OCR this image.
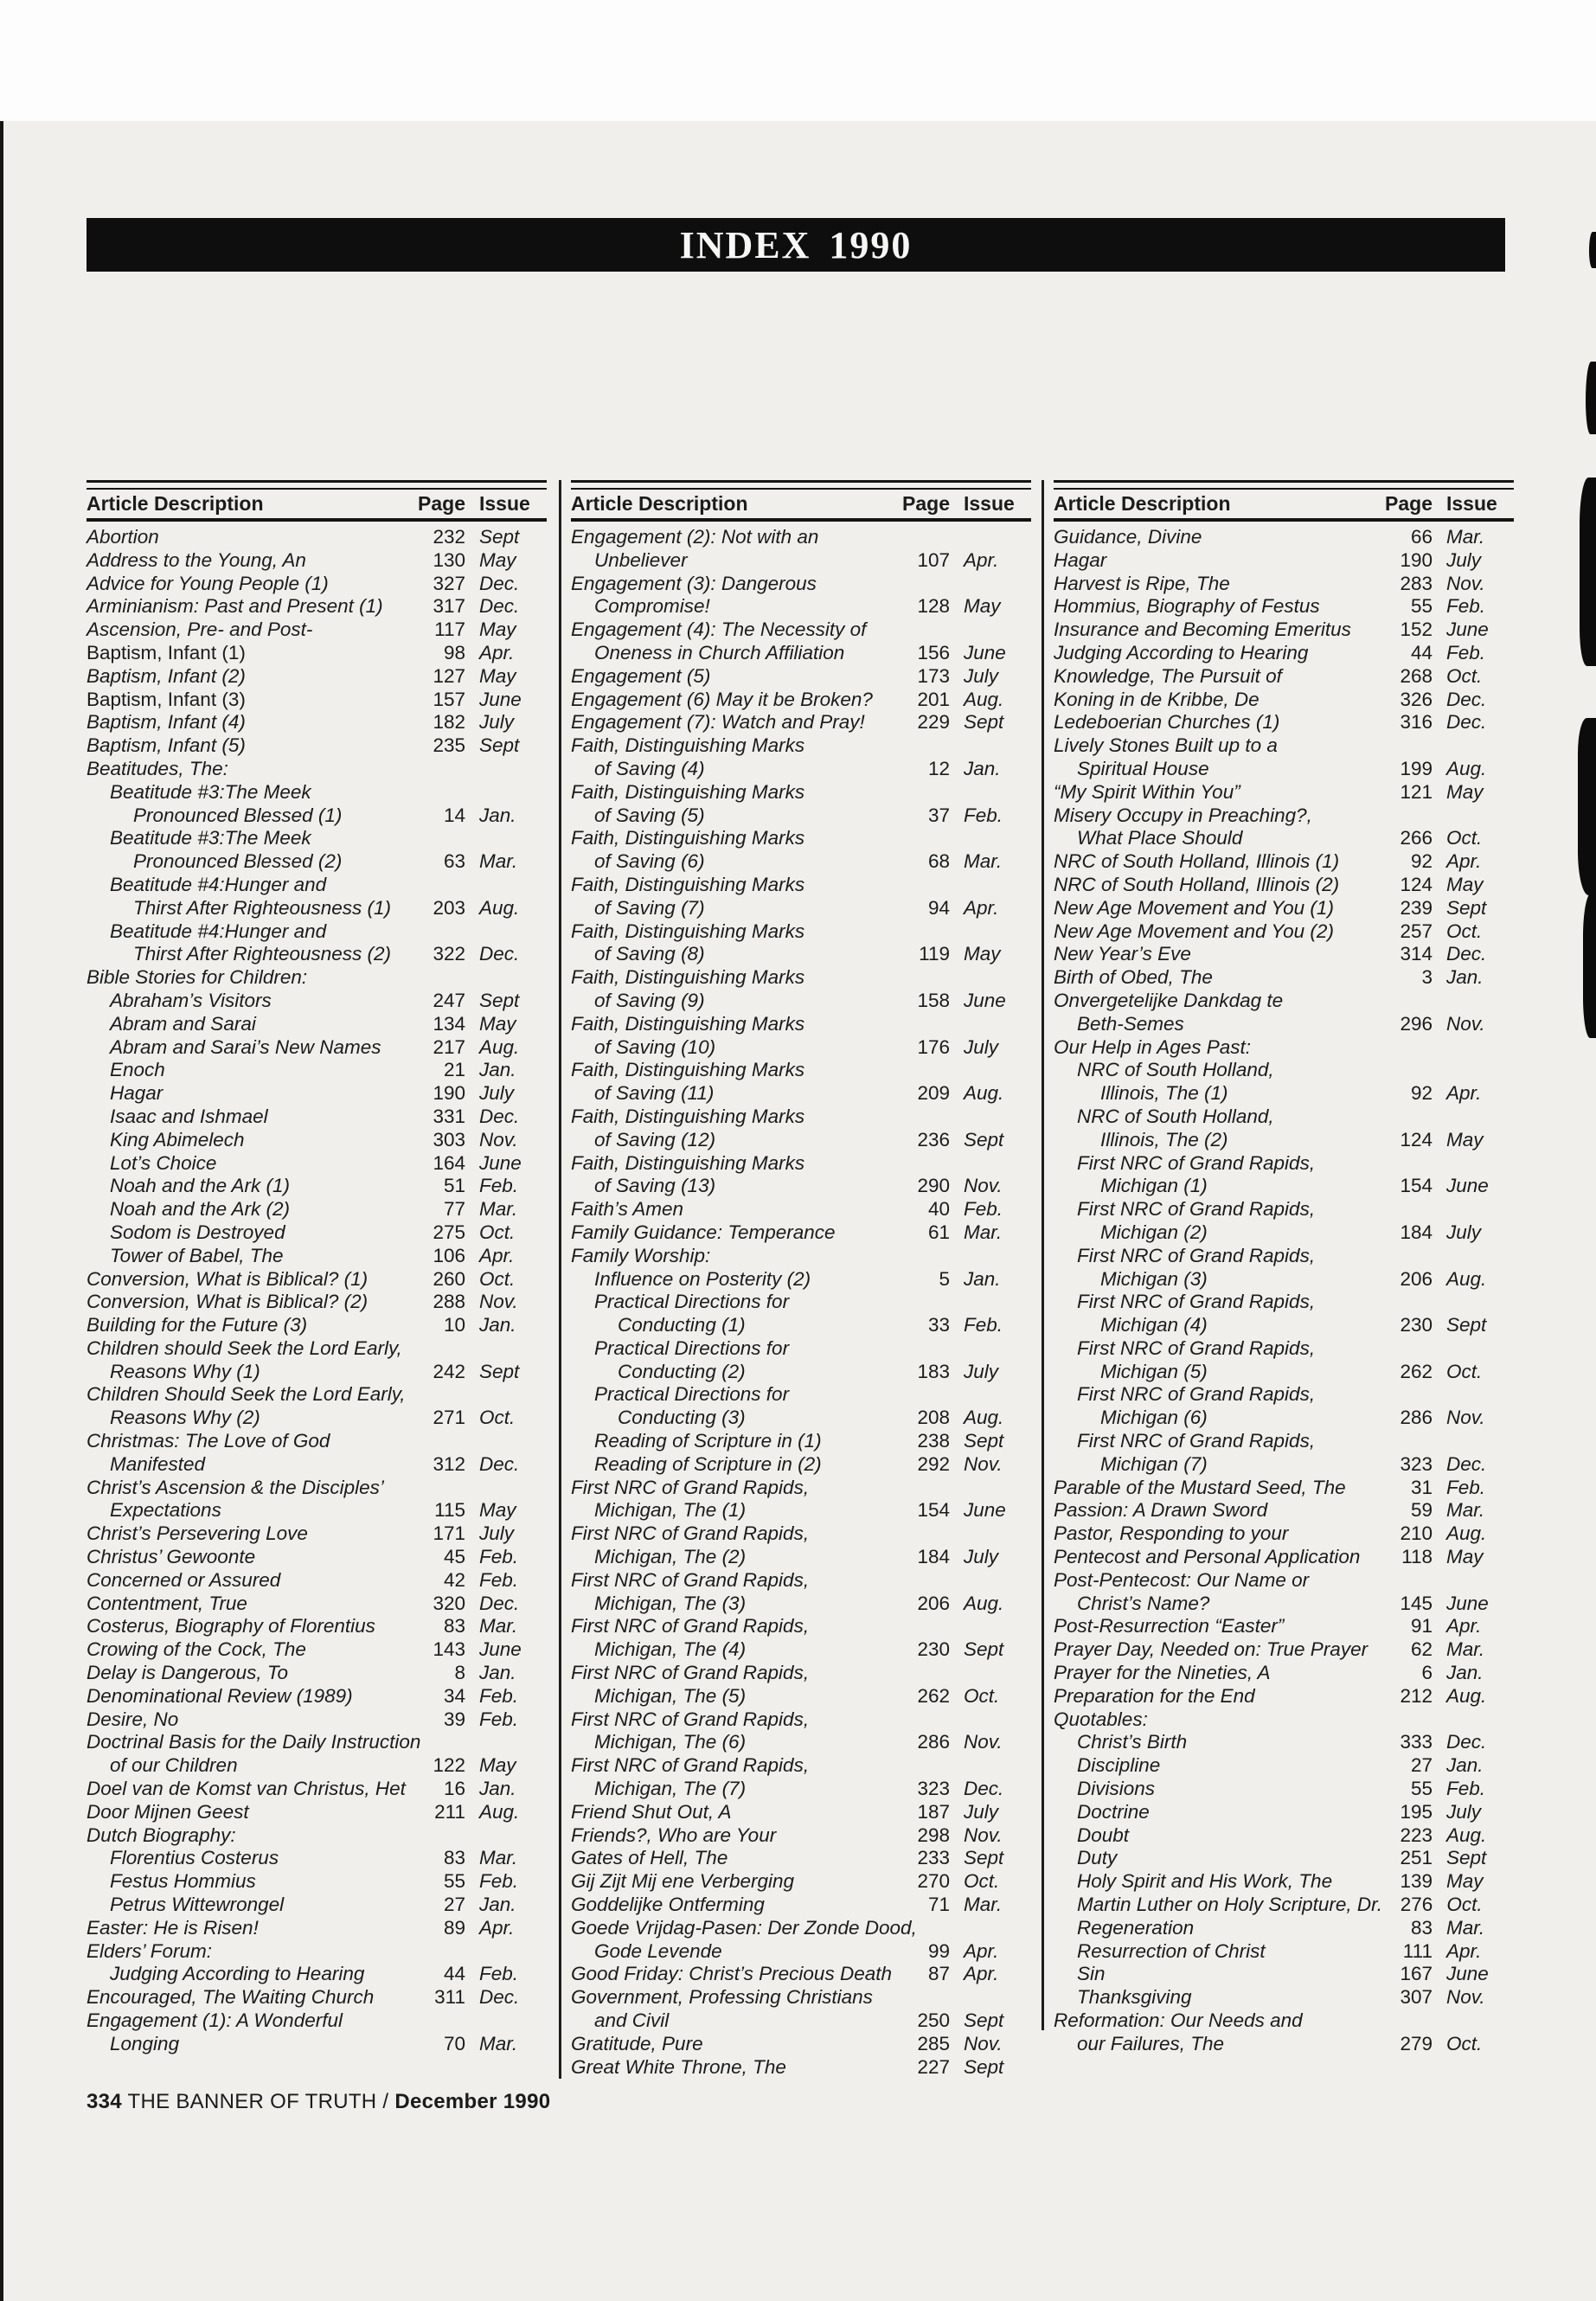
INDEX 1990
Article Description	Page Issue
Abortion	232 Sept
Address to the Young, An	130 May
Advice for Young People (1)	327 Dec.
Arminianism: Past and Present (1)	317 Dec.
Ascension, Pre- and Post-	117 May
Baptism, Infant (1)	98 Apr.
Baptism, Infant (2)	127 May
Baptism, Infant (3)	157 June
Baptism, Infant (4)	182 July
Baptism, Infant (5)	235 Sept
Beatitudes, The:
Beatitude #3:The Meek
Pronounced Blessed (1)	14 Jan.
Beatitude #3:The Meek
Pronounced Blessed (2)	63 Mar.
Beatitude #4:Hunger and
Thirst After Righteousness (1)	203 Aug.
Beatitude #4:Hunger and
Thirst After Righteousness (2)	322 Dec.
Bible Stories for Children:
Abraham’s Visitors	247 Sept
Abram and Sarai	134 May
Abram and Sarai’s New Names	217 Aug.
Enoch	21 Jan.
Hagar	190 July
Isaac and Ishmael	331 Dec.
King Abimelech	303 Nov.
Lot’s Choice	164 June
Noah and the Ark (1)	51 Feb.
Noah and the Ark (2)	77 Mar.
Sodom is Destroyed	275 Oct.
Tower of Babel, The	106 Apr.
Conversion, What is Biblical? (1)	260 Oct.
Conversion, What is Biblical? (2)	288 Nov.
Building for the Future (3)	10 Jan.
Children should Seek the Lord Early,
Reasons Why (1)	242 Sept
Children Should Seek the Lord Early,
Reasons Why (2)	271 Oct.
Christmas: The Love of God
Manifested	312 Dec.
Christ’s Ascension & the Disciples’
Expectations	115 May
Christ’s Persevering Love	171 July
Christus’ Gewoonte	45 Feb.
Concerned or Assured	42 Feb.
Contentment, True	320 Dec.
Costerus, Biography of Florentius	83 Mar.
Crowing of the Cock, The	143 June
Delay is Dangerous, To	8 Jan.
Denominational Review (1989)	34 Feb.
Desire, No	39 Feb.
Doctrinal Basis for the Daily Instruction
of our Children	122 May
Doel van de Komst van Christus, Het	16 Jan.
Door Mijnen Geest	211 Aug.
Dutch Biography:
Florentius Costerus	83 Mar.
Festus Hommius	55 Feb.
Petrus Wittewrongel	27 Jan.
Easter: He is Risen!	89 Apr.
Elders’ Forum:
Judging According to Hearing	44 Feb.
Encouraged, The Waiting Church	311 Dec.
Engagement (1): A Wonderful
Longing	70 Mar.
Article Description	Page Issue
Engagement (2): Not with an
Unbeliever	107 Apr.
Engagement (3): Dangerous
Compromise!	128 May
Engagement (4): The Necessity of
Oneness in Church Affiliation	156 June
Engagement (5)	173 July
Engagement (6) May it be Broken?	201 Aug.
Engagement (7): Watch and Pray!	229 Sept
Faith, Distinguishing Marks
of Saving (4)	12 Jan.
Faith, Distinguishing Marks
of Saving (5)	37 Feb.
Faith, Distinguishing Marks
of Saving (6)	68 Mar.
Faith, Distinguishing Marks
of Saving (7)	94 Apr.
Faith, Distinguishing Marks
of Saving (8)	119 May
Faith, Distinguishing Marks
of Saving (9)	158 June
Faith, Distinguishing Marks
of Saving (10)	176 July
Faith, Distinguishing Marks
of Saving (11)	209 Aug.
Faith, Distinguishing Marks
of Saving (12)	236 Sept
Faith, Distinguishing Marks
of Saving (13)	290 Nov.
Faith’s Amen	40 Feb.
Family Guidance: Temperance	61 Mar.
Family Worship:
Influence on Posterity (2)	5 Jan.
Practical Directions for
Conducting (1)	33 Feb.
Practical Directions for
Conducting (2)	183 July
Practical Directions for
Conducting (3)	208 Aug.
Reading of Scripture in (1)	238 Sept
Reading of Scripture in (2)	292 Nov.
First NRC of Grand Rapids,
Michigan, The (1)	154 June
First NRC of Grand Rapids,
Michigan, The (2)	184 July
First NRC of Grand Rapids,
Michigan, The (3)	206 Aug.
First NRC of Grand Rapids,
Michigan, The (4)	230 Sept
First NRC of Grand Rapids,
Michigan, The (5)	262 Oct.
First NRC of Grand Rapids,
Michigan, The (6)	286 Nov.
First NRC of Grand Rapids,
Michigan, The (7)	323 Dec.
Friend Shut Out, A	187 July
Friends?, Who are Your	298 Nov.
Gates of Hell, The	233 Sept
Gij Zijt Mij ene Verberging	270 Oct.
Goddelijke Ontferming	71 Mar.
Goede Vrijdag-Pasen: Der Zonde Dood,
Gode Levende	99 Apr.
Good Friday: Christ’s Precious Death	87 Apr.
Government, Professing Christians
and Civil	250 Sept
Gratitude, Pure	285 Nov.
Great White Throne, The	227 Sept
Article Description	Page Issue
Guidance, Divine	66 Mar.
Hagar	190 July
Harvest is Ripe, The	283 Nov.
Hommius, Biography of Festus	55 Feb.
Insurance and Becoming Emeritus	152 June
Judging According to Hearing	44 Feb.
Knowledge, The Pursuit of	268 Oct.
Koning in de Kribbe, De	326 Dec.
Ledeboerian Churches (1)	316 Dec.
Lively Stones Built up to a
Spiritual House	199 Aug.
“My Spirit Within You”	121 May
Misery Occupy in Preaching?,
What Place Should	266 Oct.
NRC of South Holland, Illinois (1)	92 Apr.
NRC of South Holland, Illinois (2)	124 May
New Age Movement and You (1)	239 Sept
New Age Movement and You (2)	257 Oct.
New Year’s Eve	314 Dec.
Birth of Obed, The	3 Jan.
Onvergetelijke Dankdag te
Beth-Semes	296 Nov.
Our Help in Ages Past:
NRC of South Holland,
Illinois, The (1)	92 Apr.
NRC of South Holland,
Illinois, The (2)	124 May
First NRC of Grand Rapids,
Michigan (1)	154 June
First NRC of Grand Rapids,
Michigan (2)	184 July
First NRC of Grand Rapids,
Michigan (3)	206 Aug.
First NRC of Grand Rapids,
Michigan (4)	230 Sept
First NRC of Grand Rapids,
Michigan (5)	262 Oct.
First NRC of Grand Rapids,
Michigan (6)	286 Nov.
First NRC of Grand Rapids,
Michigan (7)	323 Dec.
Parable of the Mustard Seed, The	31 Feb.
Passion: A Drawn Sword	59 Mar.
Pastor, Responding to your	210 Aug.
Pentecost and Personal Application	118 May
Post-Pentecost: Our Name or
Christ’s Name?	145 June
Post-Resurrection “Easter”	91 Apr.
Prayer Day, Needed on: True Prayer	62 Mar.
Prayer for the Nineties, A	6 Jan.
Preparation for the End	212 Aug.
Quotables:
Christ’s Birth	333 Dec.
Discipline	27 Jan.
Divisions	55 Feb.
Doctrine	195 July
Doubt	223 Aug.
Duty	251 Sept
Holy Spirit and His Work, The	139 May
Martin Luther on Holy Scripture, Dr. 276 Oct.
Regeneration	83 Mar.
Resurrection of Christ	111 Apr.
Sin	167 June
Thanksgiving	307 Nov.
Reformation: Our Needs and
our Failures, The	279 Oct.
334 THE BANNER OF TRUTH / December 1990
